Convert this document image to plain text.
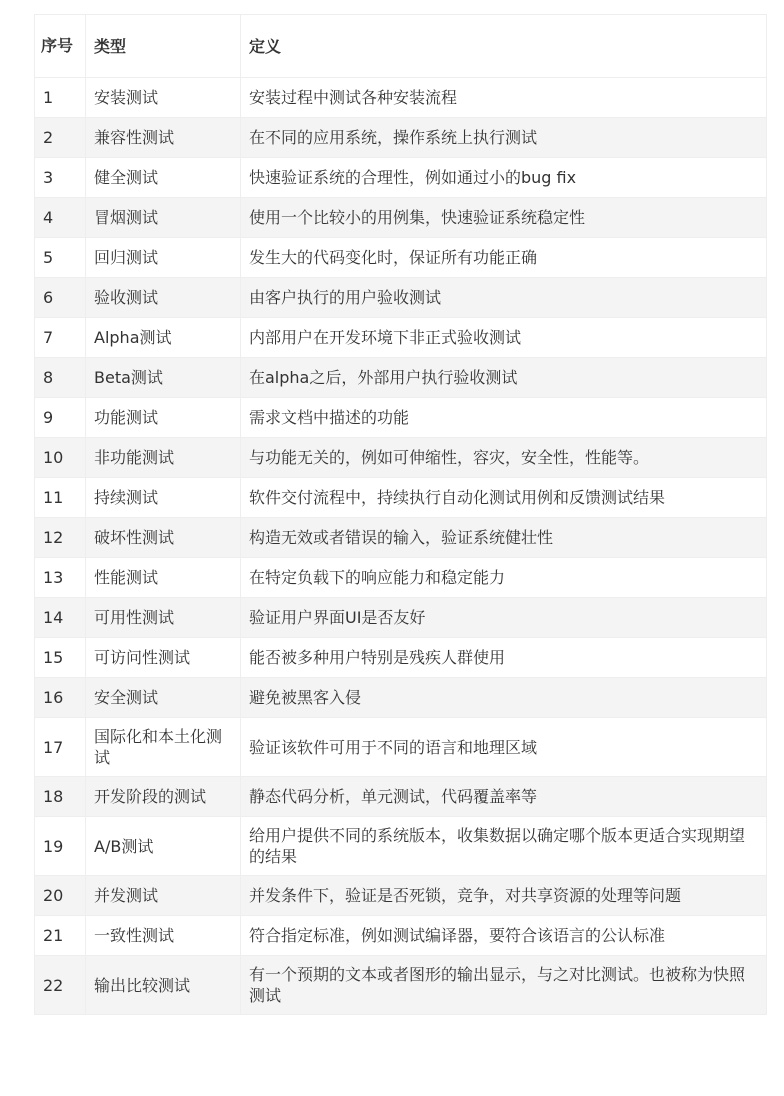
序号	类型	定义
1	安装测试	安装过程中测试各种安装流程
2	兼容性测试	在不同的应用系统，操作系统上执行测试
3	健全测试	快速验证系统的合理性，例如通过小的bug fix
4	冒烟测试	使用一个比较小的用例集，快速验证系统稳定性
5	回归测试	发生大的代码变化时，保证所有功能正确
6	验收测试	由客户执行的用户验收测试
7	Alpha测试	内部用户在开发环境下非正式验收测试
8	Beta测试	在alpha之后，外部用户执行验收测试
9	功能测试	需求文档中描述的功能
10	非功能测试	与功能无关的，例如可伸缩性，容灾，安全性，性能等。
11	持续测试	软件交付流程中，持续执行自动化测试用例和反馈测试结果
12	破坏性测试	构造无效或者错误的输入，验证系统健壮性
13	性能测试	在特定负载下的响应能力和稳定能力
14	可用性测试	验证用户界面UI是否友好
15	可访问性测试	能否被多种用户特别是残疾人群使用
16	安全测试	避免被黑客入侵
17	国际化和本土化测试	验证该软件可用于不同的语言和地理区域
18	开发阶段的测试	静态代码分析，单元测试，代码覆盖率等
19	A/B测试	给用户提供不同的系统版本，收集数据以确定哪个版本更适合实现期望的结果
20	并发测试	并发条件下，验证是否死锁，竞争，对共享资源的处理等问题
21	一致性测试	符合指定标准，例如测试编译器，要符合该语言的公认标准
22	输出比较测试	有一个预期的文本或者图形的输出显示，与之对比测试。也被称为快照测试
